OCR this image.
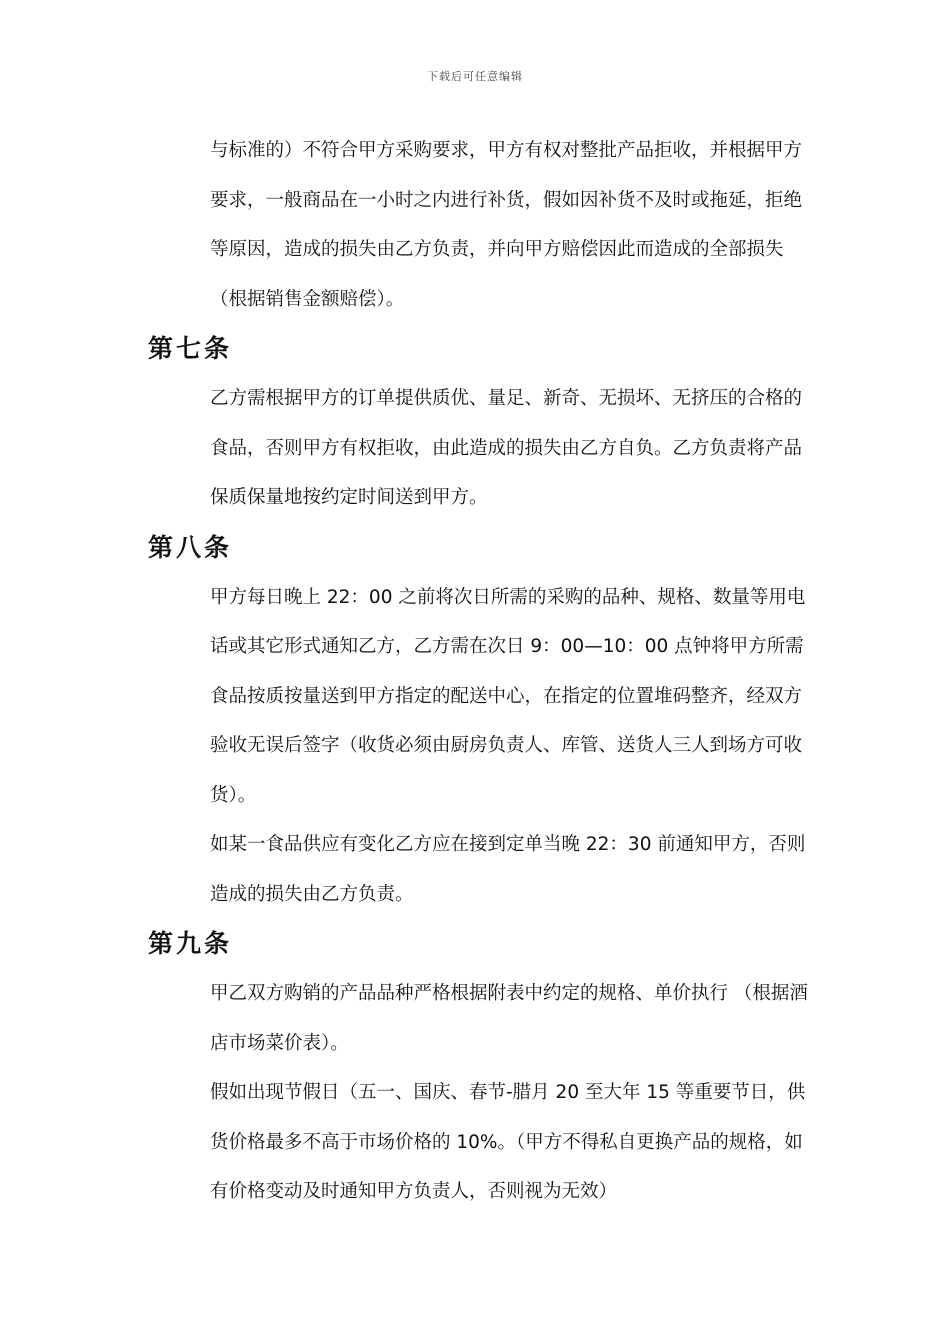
下载后可任意编辑

与标准的）不符合甲方采购要求，甲方有权对整批产品拒收，并根据甲方要求，一般商品在一小时之内进行补货，假如因补货不及时或拖延，拒绝等原因，造成的损失由乙方负责，并向甲方赔偿因此而造成的全部损失（根据销售金额赔偿）。

第七条

乙方需根据甲方的订单提供质优、量足、新奇、无损坏、无挤压的合格的 食品，否则甲方有权拒收，由此造成的损失由乙方自负。乙方负责将产品保质保量地按约定时间送到甲方。

第八条

甲方每日晚上 22：00 之前将次日所需的采购的品种、规格、数量等用电 话或其它形式通知乙方，乙方需在次日 9：00—10：00 点钟将甲方所需食品按质按量送到甲方指定的配送中心，在指定的位置堆码整齐，经双方验收无误后签字（收货必须由厨房负责人、库管、送货人三人到场方可收货）。

如某一食品供应有变化乙方应在接到定单当晚 22：30 前通知甲方，否则造成的损失由乙方负责。

第九条

甲乙双方购销的产品品种严格根据附表中约定的规格、单价执行 （根据酒店市场菜价表）。

假如出现节假日（五一、国庆、春节-腊月 20 至大年 15 等重要节日，供货价格最多不高于市场价格的 10%。（甲方不得私自更换产品的规格，如有价格变动及时通知甲方负责人，否则视为无效）
